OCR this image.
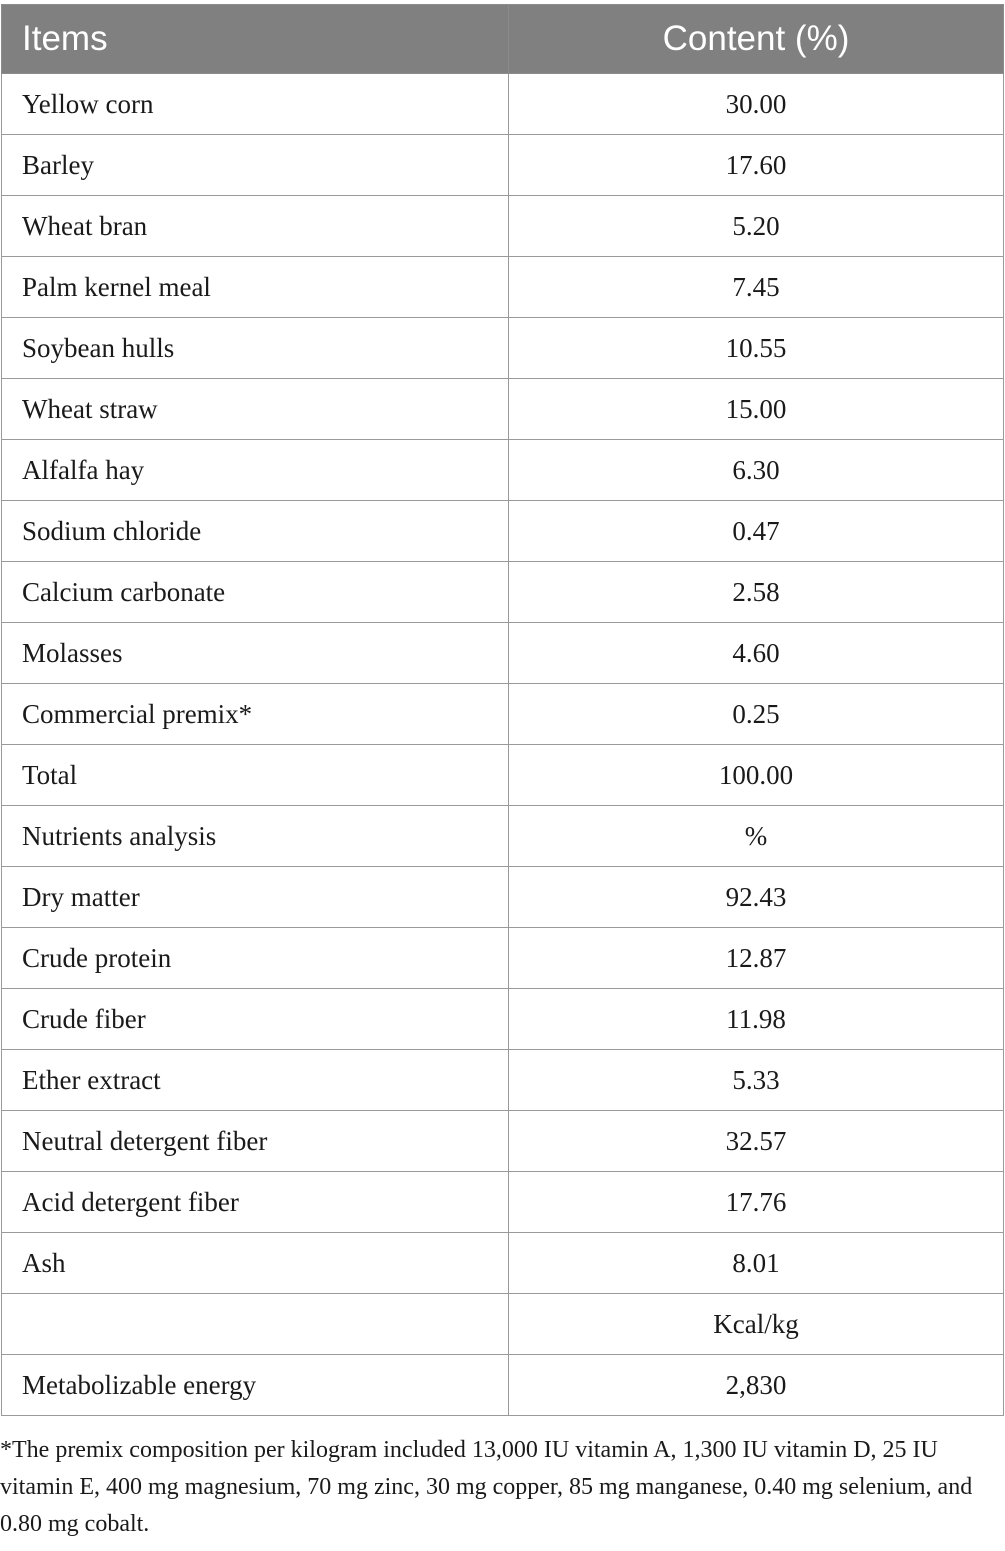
Items	Content (%)
Yellow corn	30.00
Barley	17.60
Wheat bran	5.20
Palm kernel meal	7.45
Soybean hulls	10.55
Wheat straw	15.00
Alfalfa hay	6.30
Sodium chloride	0.47
Calcium carbonate	2.58
Molasses	4.60
Commercial premix*	0.25
Total	100.00
Nutrients analysis	%
Dry matter	92.43
Crude protein	12.87
Crude fiber	11.98
Ether extract	5.33
Neutral detergent fiber	32.57
Acid detergent fiber	17.76
Ash	8.01
	Kcal/kg
Metabolizable energy	2,830

*The premix composition per kilogram included 13,000 IU vitamin A, 1,300 IU vitamin D, 25 IU vitamin E, 400 mg magnesium, 70 mg zinc, 30 mg copper, 85 mg manganese, 0.40 mg selenium, and 0.80 mg cobalt.
